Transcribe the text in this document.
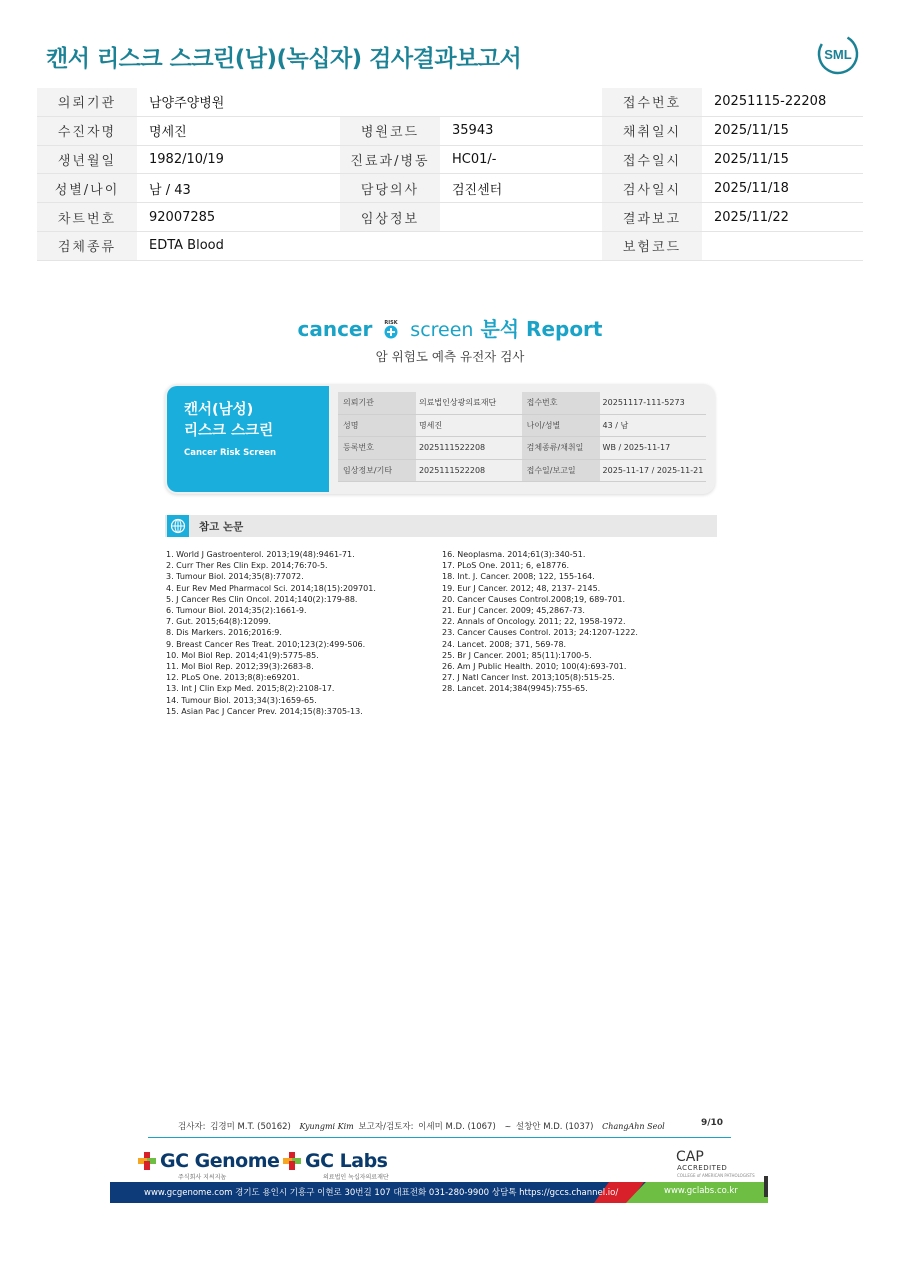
캔서 리스크 스크린(남)(녹십자) 검사결과보고서	SML
의뢰기관	남양주양병원			접수번호	20251115-22208
수진자명	명세진	병원코드	35943	채취일시	2025/11/15
생년월일	1982/10/19	진료과/병동	HC01/-	접수일시	2025/11/15
성별/나이	남 / 43	담당의사	검진센터	검사일시	2025/11/18
차트번호	92007285	임상정보		결과보고	2025/11/22
검체종류	EDTA Blood			보험코드	
cancer RISK screen 분석 Report
암 위험도 예측 유전자 검사
캔서(남성)
리스크 스크린
Cancer Risk Screen
의뢰기관	의료법인상광의료재단	접수번호	20251117-111-5273
성명	명세진	나이/성별	43 / 남
등록번호	2025111522208	검체종류/채취일	WB / 2025-11-17
임상정보/기타	2025111522208	접수일/보고일	2025-11-17 / 2025-11-21
참고 논문
1. World J Gastroenterol. 2013;19(48):9461-71.
2. Curr Ther Res Clin Exp. 2014;76:70-5.
3. Tumour Biol. 2014;35(8):77072.
4. Eur Rev Med Pharmacol Sci. 2014;18(15):209701.
5. J Cancer Res Clin Oncol. 2014;140(2):179-88.
6. Tumour Biol. 2014;35(2):1661-9.
7. Gut. 2015;64(8):12099.
8. Dis Markers. 2016;2016:9.
9. Breast Cancer Res Treat. 2010;123(2):499-506.
10. Mol Biol Rep. 2014;41(9):5775-85.
11. Mol Biol Rep. 2012;39(3):2683-8.
12. PLoS One. 2013;8(8):e69201.
13. Int J Clin Exp Med. 2015;8(2):2108-17.
14. Tumour Biol. 2013;34(3):1659-65.
15. Asian Pac J Cancer Prev. 2014;15(8):3705-13.
16. Neoplasma. 2014;61(3):340-51.
17. PLoS One. 2011; 6, e18776.
18. Int. J. Cancer. 2008; 122, 155-164.
19. Eur J Cancer. 2012; 48, 2137- 2145.
20. Cancer Causes Control.2008;19, 689-701.
21. Eur J Cancer. 2009; 45,2867-73.
22. Annals of Oncology. 2011; 22, 1958-1972.
23. Cancer Causes Control. 2013; 24:1207-1222.
24. Lancet. 2008; 371, 569-78.
25. Br J Cancer. 2001; 85(11):1700-5.
26. Am J Public Health. 2010; 100(4):693-701.
27. J Natl Cancer Inst. 2013;105(8):515-25.
28. Lancet. 2014;384(9945):755-65.
검사자: 김경미 M.T. (50162) Kyungmi Kim 보고자/검토자: 이세미 M.D. (1067) ~ 설창안 M.D. (1037) ChangAhn Seol	9/10
GC Genome
주식회사 지씨지놈
GC Labs
의료법인 녹십자의료재단
CAP
ACCREDITED
COLLEGE of AMERICAN PATHOLOGISTS
www.gcgenome.com 경기도 용인시 기흥구 이현로 30번길 107 대표전화 031-280-9900 상담톡 https://gccs.channel.io/	www.gclabs.co.kr
